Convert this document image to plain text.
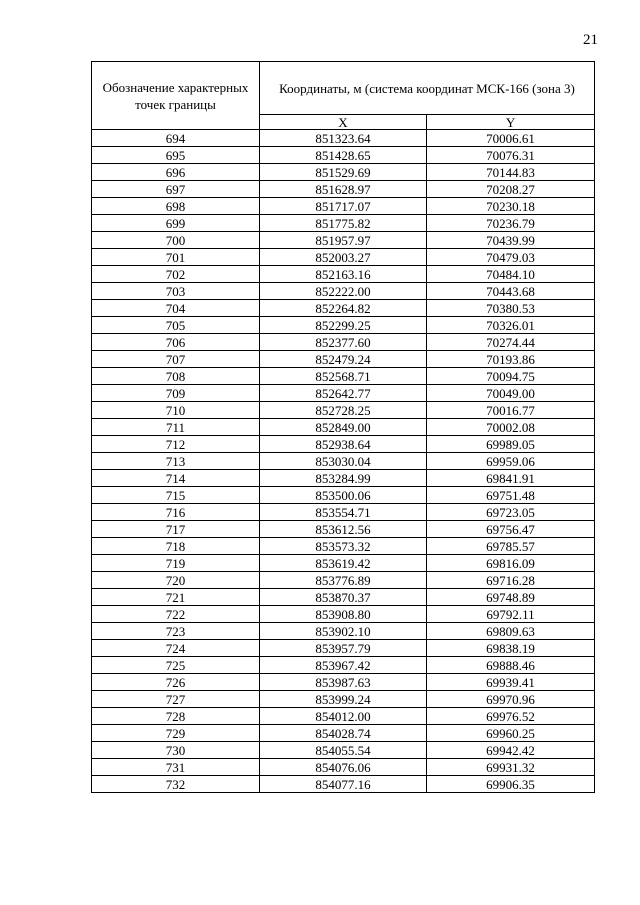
21
Обозначение характерных точек границы	Координаты, м (система координат МСК-166 (зона 3)	
	X	Y
694	851323.64	70006.61
695	851428.65	70076.31
696	851529.69	70144.83
697	851628.97	70208.27
698	851717.07	70230.18
699	851775.82	70236.79
700	851957.97	70439.99
701	852003.27	70479.03
702	852163.16	70484.10
703	852222.00	70443.68
704	852264.82	70380.53
705	852299.25	70326.01
706	852377.60	70274.44
707	852479.24	70193.86
708	852568.71	70094.75
709	852642.77	70049.00
710	852728.25	70016.77
711	852849.00	70002.08
712	852938.64	69989.05
713	853030.04	69959.06
714	853284.99	69841.91
715	853500.06	69751.48
716	853554.71	69723.05
717	853612.56	69756.47
718	853573.32	69785.57
719	853619.42	69816.09
720	853776.89	69716.28
721	853870.37	69748.89
722	853908.80	69792.11
723	853902.10	69809.63
724	853957.79	69838.19
725	853967.42	69888.46
726	853987.63	69939.41
727	853999.24	69970.96
728	854012.00	69976.52
729	854028.74	69960.25
730	854055.54	69942.42
731	854076.06	69931.32
732	854077.16	69906.35
